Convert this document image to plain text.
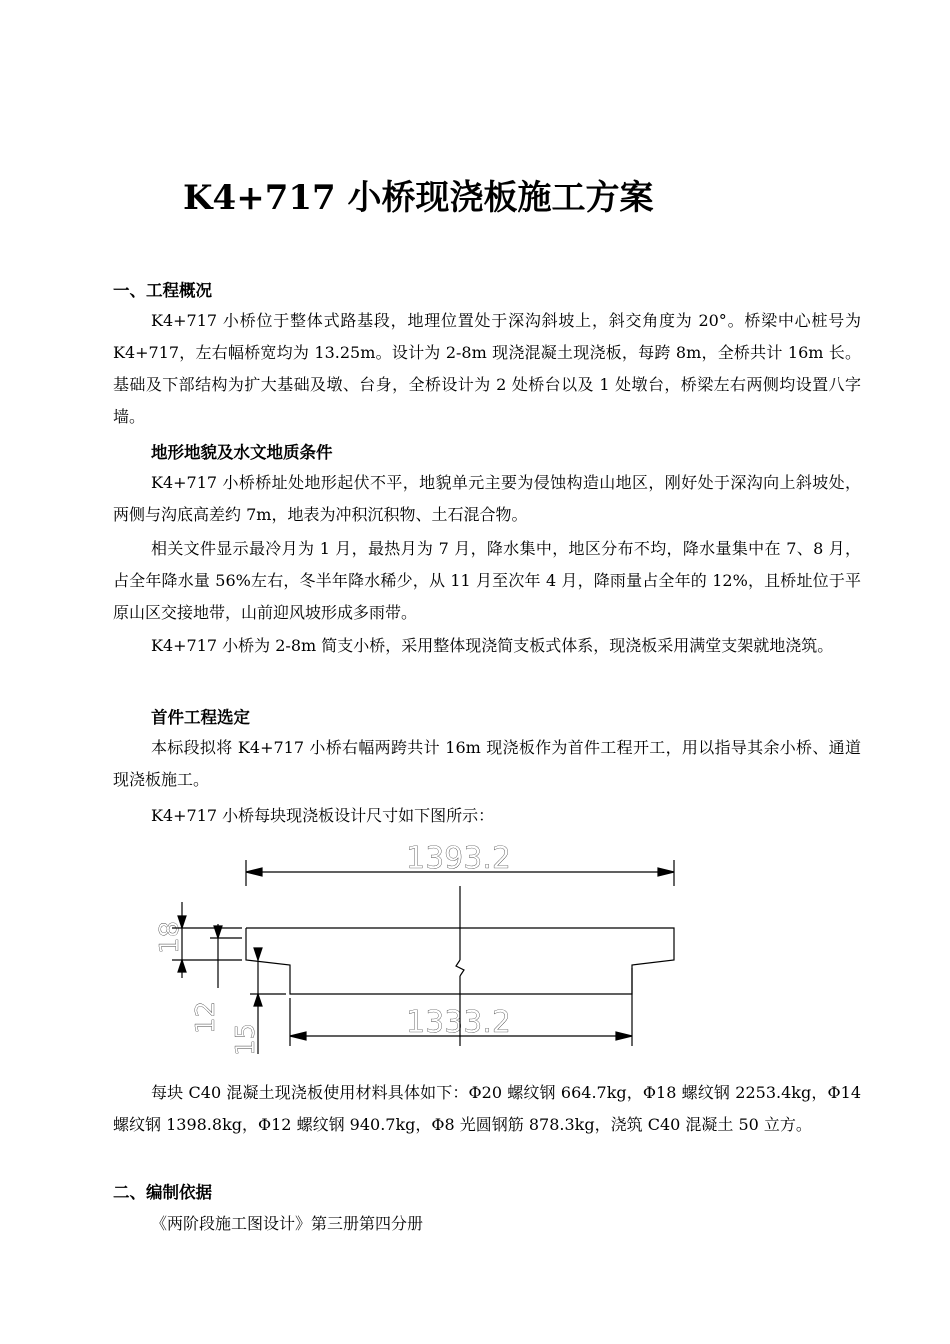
K4+717 小桥现浇板施工方案
一、工程概况
K4+717 小桥位于整体式路基段，地理位置处于深沟斜坡上，斜交角度为 20°。桥梁中心桩号为 K4+717，左右幅桥宽均为 13.25m。设计为 2-8m 现浇混凝土现浇板，每跨 8m，全桥共计 16m 长。基础及下部结构为扩大基础及墩、台身，全桥设计为 2 处桥台以及 1 处墩台，桥梁左右两侧均设置八字墙。
地形地貌及水文地质条件
K4+717 小桥桥址处地形起伏不平，地貌单元主要为侵蚀构造山地区，刚好处于深沟向上斜坡处，两侧与沟底高差约 7m，地表为冲积沉积物、土石混合物。
相关文件显示最冷月为 1 月，最热月为 7 月，降水集中，地区分布不均，降水量集中在 7、8 月，占全年降水量 56%左右，冬半年降水稀少，从 11 月至次年 4 月，降雨量占全年的 12%，且桥址位于平原山区交接地带，山前迎风坡形成多雨带。
K4+717 小桥为 2-8m 简支小桥，采用整体现浇简支板式体系，现浇板采用满堂支架就地浇筑。
首件工程选定
本标段拟将 K4+717 小桥右幅两跨共计 16m 现浇板作为首件工程开工，用以指导其余小桥、通道现浇板施工。
K4+717 小桥每块现浇板设计尺寸如下图所示：
1393.2
1333.2
18
12
15
每块 C40 混凝土现浇板使用材料具体如下：Φ20 螺纹钢 664.7kg，Φ18 螺纹钢 2253.4kg，Φ14 螺纹钢 1398.8kg，Φ12 螺纹钢 940.7kg，Φ8 光圆钢筋 878.3kg，浇筑 C40 混凝土 50 立方。
二、编制依据
《两阶段施工图设计》第三册第四分册
